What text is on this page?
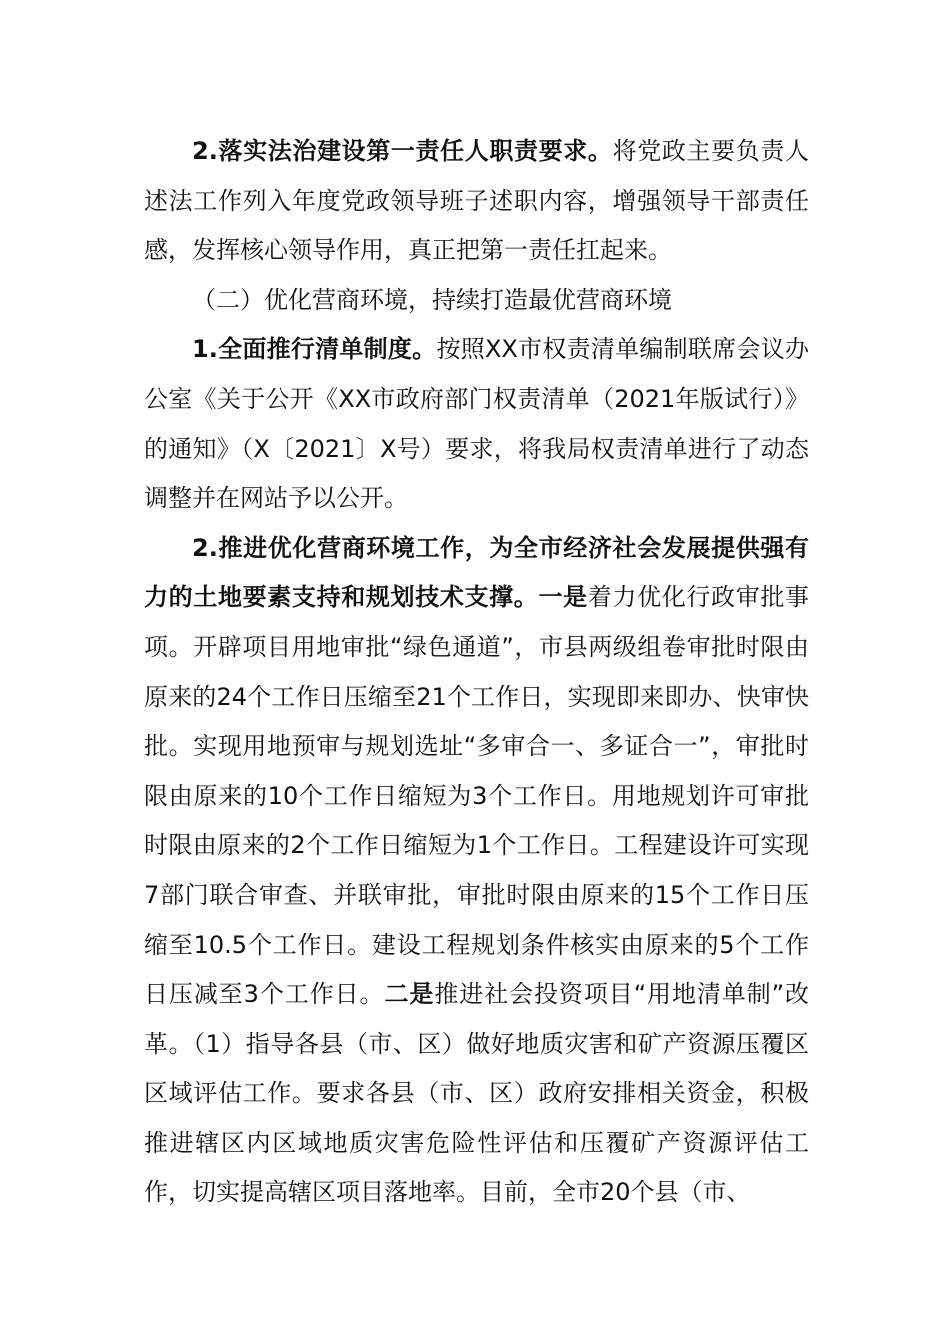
2.落实法治建设第一责任人职责要求。将党政主要负责人述法工作列入年度党政领导班子述职内容，增强领导干部责任感，发挥核心领导作用，真正把第一责任扛起来。

（二）优化营商环境，持续打造最优营商环境

1.全面推行清单制度。按照XX市权责清单编制联席会议办公室《关于公开《XX市政府部门权责清单（2021年版试行）》的通知》（X〔2021〕X号）要求，将我局权责清单进行了动态调整并在网站予以公开。

2.推进优化营商环境工作，为全市经济社会发展提供强有力的土地要素支持和规划技术支撑。一是着力优化行政审批事项。开辟项目用地审批“绿色通道”，市县两级组卷审批时限由原来的24个工作日压缩至21个工作日，实现即来即办、快审快批。实现用地预审与规划选址“多审合一、多证合一”，审批时限由原来的10个工作日缩短为3个工作日。用地规划许可审批时限由原来的2个工作日缩短为1个工作日。工程建设许可实现7部门联合审查、并联审批，审批时限由原来的15个工作日压缩至10.5个工作日。建设工程规划条件核实由原来的5个工作日压减至3个工作日。二是推进社会投资项目“用地清单制”改革。（1）指导各县（市、区）做好地质灾害和矿产资源压覆区区域评估工作。要求各县（市、区）政府安排相关资金，积极推进辖区内区域地质灾害危险性评估和压覆矿产资源评估工作，切实提高辖区项目落地率。目前，全市20个县（市、
